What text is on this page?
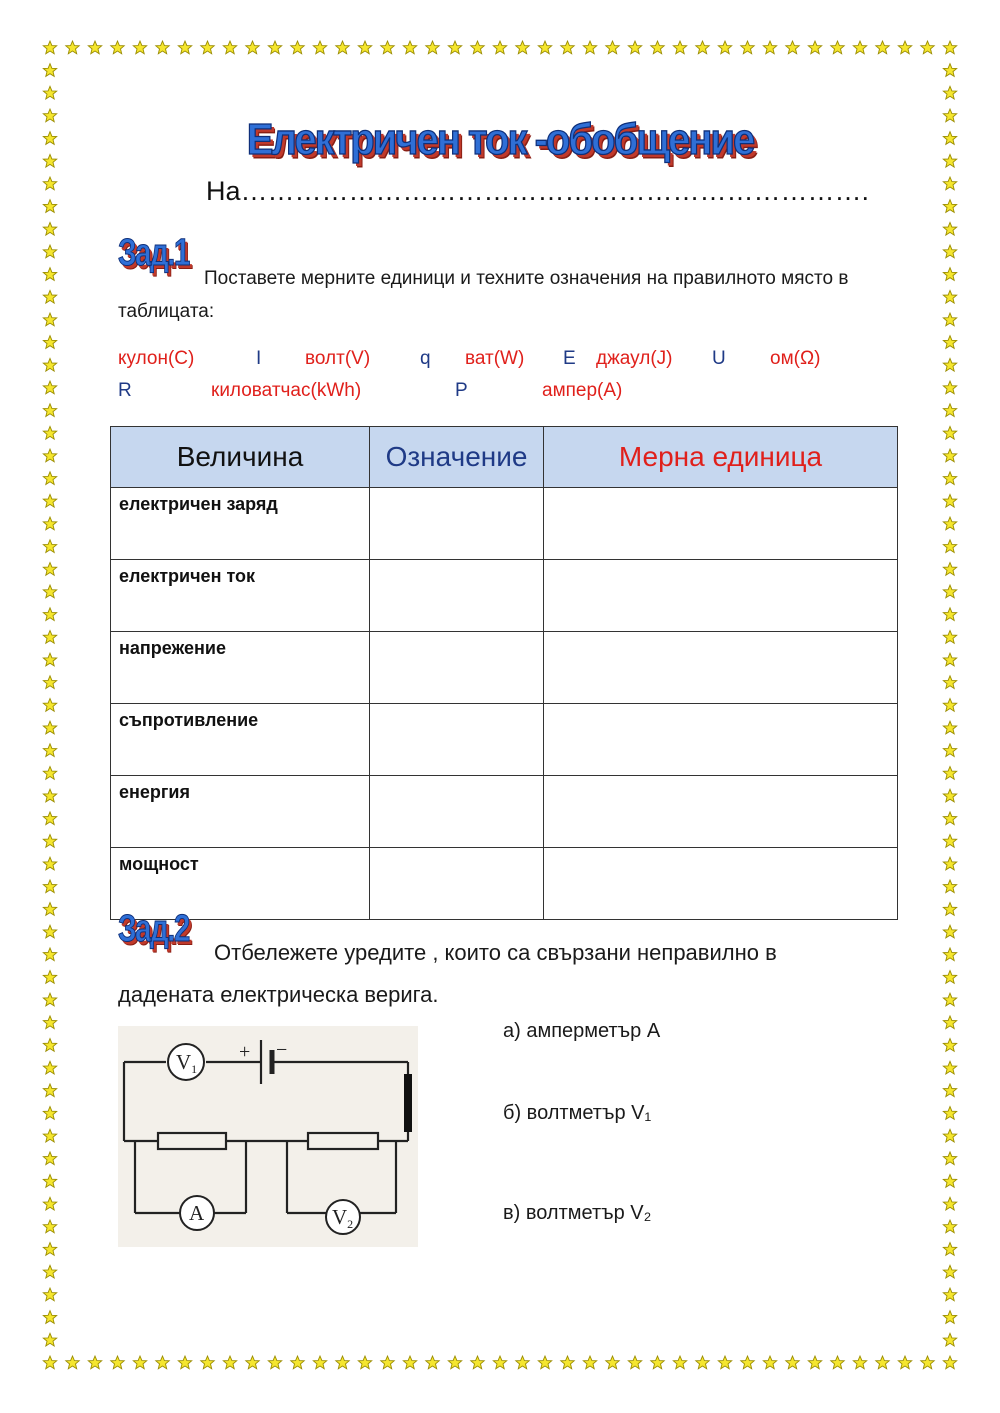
Електричен ток -обобщение
На…………………………………………………………….
Зад.1
Поставете мерните единици и техните означения на правилното място в таблицата:
кулон(C)	I волт(V)	q ват(W) E джаул(J) U ом(Ω)
R	киловатчас(kWh)	P	ампер(A)
Величина	Означение	Мерна единица
електричен заряд		
електричен ток		
напрежение		
съпротивление		
енергия		
мощност		
Зад.2
Отбележете уредите , които са свързани неправилно в дадената електрическа верига.
+ −
V1
A	V2
а) амперметър A
б) волтметър V₁
в) волтметър V₂
